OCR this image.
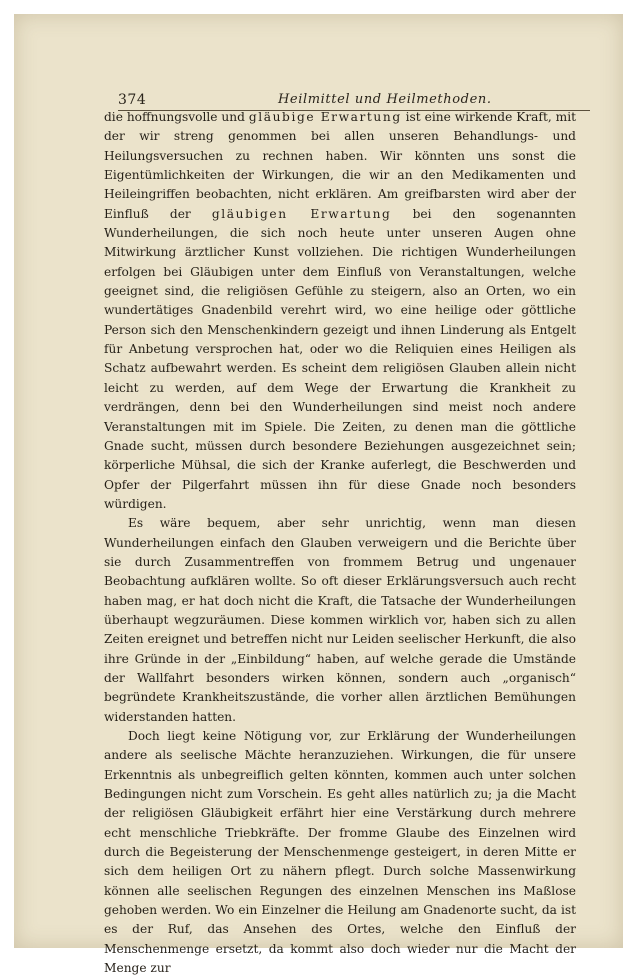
374	Heilmittel und Heilmethoden.

die hoffnungsvolle und gläubige Erwartung ist eine wirkende Kraft, mit der wir streng genommen bei allen unseren Behandlungs- und Heilungsversuchen zu rechnen haben. Wir könnten uns sonst die Eigentümlichkeiten der Wirkungen, die wir an den Medikamenten und Heileingriffen beobachten, nicht erklären. Am greifbarsten wird aber der Einfluß der gläubigen Erwartung bei den sogenannten Wunderheilungen, die sich noch heute unter unseren Augen ohne Mitwirkung ärztlicher Kunst vollziehen. Die richtigen Wunderheilungen erfolgen bei Gläubigen unter dem Einfluß von Veranstaltungen, welche geeignet sind, die religiösen Gefühle zu steigern, also an Orten, wo ein wundertätiges Gnadenbild verehrt wird, wo eine heilige oder göttliche Person sich den Menschenkindern gezeigt und ihnen Linderung als Entgelt für Anbetung versprochen hat, oder wo die Reliquien eines Heiligen als Schatz aufbewahrt werden. Es scheint dem religiösen Glauben allein nicht leicht zu werden, auf dem Wege der Erwartung die Krankheit zu verdrängen, denn bei den Wunderheilungen sind meist noch andere Veranstaltungen mit im Spiele. Die Zeiten, zu denen man die göttliche Gnade sucht, müssen durch besondere Beziehungen ausgezeichnet sein; körperliche Mühsal, die sich der Kranke auferlegt, die Beschwerden und Opfer der Pilgerfahrt müssen ihn für diese Gnade noch besonders würdigen.

Es wäre bequem, aber sehr unrichtig, wenn man diesen Wunderheilungen einfach den Glauben verweigern und die Berichte über sie durch Zusammentreffen von frommem Betrug und ungenauer Beobachtung aufklären wollte. So oft dieser Erklärungsversuch auch recht haben mag, er hat doch nicht die Kraft, die Tatsache der Wunderheilungen überhaupt wegzuräumen. Diese kommen wirklich vor, haben sich zu allen Zeiten ereignet und betreffen nicht nur Leiden seelischer Herkunft, die also ihre Gründe in der „Einbildung“ haben, auf welche gerade die Umstände der Wallfahrt besonders wirken können, sondern auch „organisch“ begründete Krankheitszustände, die vorher allen ärztlichen Bemühungen widerstanden hatten.

Doch liegt keine Nötigung vor, zur Erklärung der Wunderheilungen andere als seelische Mächte heranzuziehen. Wirkungen, die für unsere Erkenntnis als unbegreiflich gelten könnten, kommen auch unter solchen Bedingungen nicht zum Vorschein. Es geht alles natürlich zu; ja die Macht der religiösen Gläubigkeit erfährt hier eine Verstärkung durch mehrere echt menschliche Triebkräfte. Der fromme Glaube des Einzelnen wird durch die Begeisterung der Menschenmenge gesteigert, in deren Mitte er sich dem heiligen Ort zu nähern pflegt. Durch solche Massenwirkung können alle seelischen Regungen des einzelnen Menschen ins Maßlose gehoben werden. Wo ein Einzelner die Heilung am Gnadenorte sucht, da ist es der Ruf, das Ansehen des Ortes, welche den Einfluß der Menschenmenge ersetzt, da kommt also doch wieder nur die Macht der Menge zur
